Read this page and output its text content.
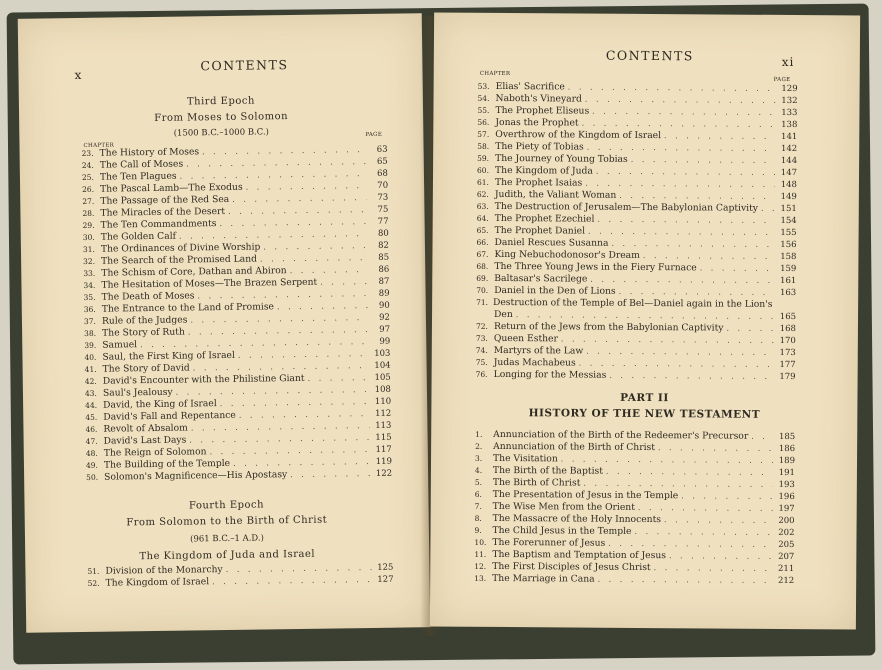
x
CONTENTS
Third Epoch
From Moses to Solomon
(1500 B.C.–1000 B.C.)
CHAPTER
PAGE
23. The History of Moses . . .	63
24. The Call of Moses . . .	65
25. The Ten Plagues . . .	68
26. The Pascal Lamb—The Exodus . . .	70
27. The Passage of the Red Sea . . .	73
28. The Miracles of the Desert . . .	75
29. The Ten Commandments . . .	77
30. The Golden Calf . . .	80
31. The Ordinances of Divine Worship . . .	82
32. The Search of the Promised Land . . .	85
33. The Schism of Core, Dathan and Abiron . . .	86
34. The Hesitation of Moses—The Brazen Serpent . . .	87
35. The Death of Moses . . .	89
36. The Entrance to the Land of Promise . . .	90
37. Rule of the Judges . . .	92
38. The Story of Ruth . . .	97
39. Samuel . . .	99
40. Saul, the First King of Israel . . .	103
41. The Story of David . . .	104
42. David's Encounter with the Philistine Giant . . .	105
43. Saul's Jealousy . . .	108
44. David, the King of Israel . . .	110
45. David's Fall and Repentance . . .	112
46. Revolt of Absalom . . .	113
47. David's Last Days . . .	115
48. The Reign of Solomon . . .	117
49. The Building of the Temple . . .	119
50. Solomon's Magnificence—His Apostasy . . .	122
Fourth Epoch
From Solomon to the Birth of Christ
(961 B.C.–1 A.D.)
The Kingdom of Juda and Israel
51. Division of the Monarchy . . .	125
52. The Kingdom of Israel . . .	127
CONTENTS	xi
CHAPTER
PAGE
53. Elias' Sacrifice . . .	129
54. Naboth's Vineyard . . .	132
55. The Prophet Eliseus . . .	133
56. Jonas the Prophet . . .	138
57. Overthrow of the Kingdom of Israel . . .	141
58. The Piety of Tobias . . .	142
59. The Journey of Young Tobias . . .	144
60. The Kingdom of Juda . . .	147
61. The Prophet Isaias . . .	148
62. Judith, the Valiant Woman . . .	149
63. The Destruction of Jerusalem—The Babylonian Captivity . . .	151
64. The Prophet Ezechiel . . .	154
65. The Prophet Daniel . . .	155
66. Daniel Rescues Susanna . . .	156
67. King Nebuchodonosor's Dream . . .	158
68. The Three Young Jews in the Fiery Furnace . . .	159
69. Baltasar's Sacrilege . . .	161
70. Daniel in the Den of Lions . . .	163
71. Destruction of the Temple of Bel—Daniel again in the Lion's
. . .
Den . . .	165
72. Return of the Jews from the Babylonian Captivity . . .	168
73. Queen Esther . . .	170
74. Martyrs of the Law . . .	173
75. Judas Machabeus . . .	177
76. Longing for the Messias . . .	179
PART II
HISTORY OF THE NEW TESTAMENT
1.	Annunciation of the Birth of the Redeemer's Precursor . . .	185
2.	Annunciation of the Birth of Christ . . .	186
3.	The Visitation . . .	189
4.	The Birth of the Baptist . . .	191
5.	The Birth of Christ . . .	193
6.	The Presentation of Jesus in the Temple . . .	196
7.	The Wise Men from the Orient . . .	197
8.	The Massacre of the Holy Innocents . . .	200
9.	The Child Jesus in the Temple . . .	202
10. The Forerunner of Jesus . . .	205
11. The Baptism and Temptation of Jesus . . .	207
12. The First Disciples of Jesus Christ . . .	211
13. The Marriage in Cana . . .	212
